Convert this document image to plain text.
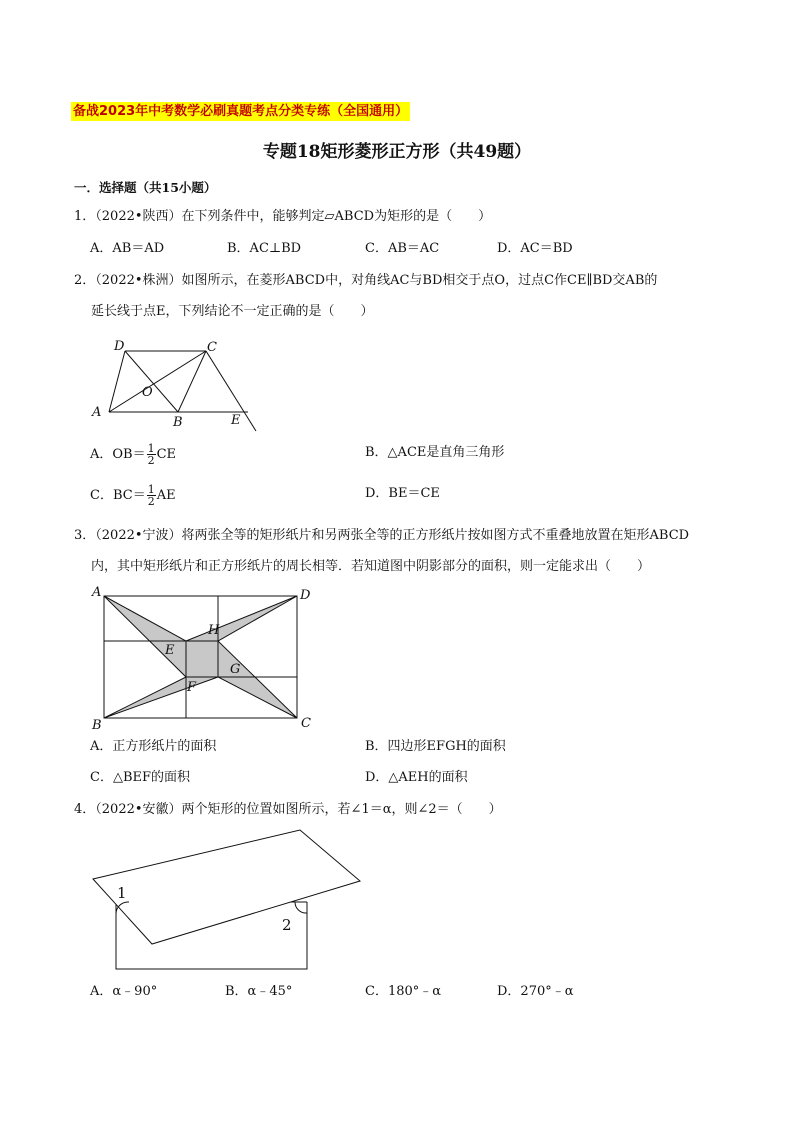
备战2023年中考数学必刷真题考点分类专练（全国通用）
专题18矩形菱形正方形（共49题）
一．选择题（共15小题）
1．（2022•陕西）在下列条件中，能够判定▱ABCD为矩形的是（　　）
A．AB＝AD	B．AC⊥BD	C．AB＝AC	D．AC＝BD
2．（2022•株洲）如图所示，在菱形ABCD中，对角线AC与BD相交于点O，过点C作CE∥BD交AB的
延长线于点E，下列结论不一定正确的是（　　）
D	C
O
A
B	E
A．$OB= \frac{1}{2}$ CE	B．△ACE是直角三角形
C．$BC= \frac{1}{2}$ AE	D．BE＝CE
3．（2022•宁波）将两张全等的矩形纸片和另两张全等的正方形纸片按如图方式不重叠地放置在矩形ABCD
内，其中矩形纸片和正方形纸片的周长相等．若知道图中阴影部分的面积，则一定能求出（　　）
A	D
H
E
G
F
B	C
A．正方形纸片的面积	B．四边形EFGH的面积
C．△BEF的面积	D．△AEH的面积
4．（2022•安徽）两个矩形的位置如图所示，若∠1＝α，则∠2＝（　　）
1
2
A．α﹣90°	B．α﹣45°	C．180°﹣α	D．270°﹣α
